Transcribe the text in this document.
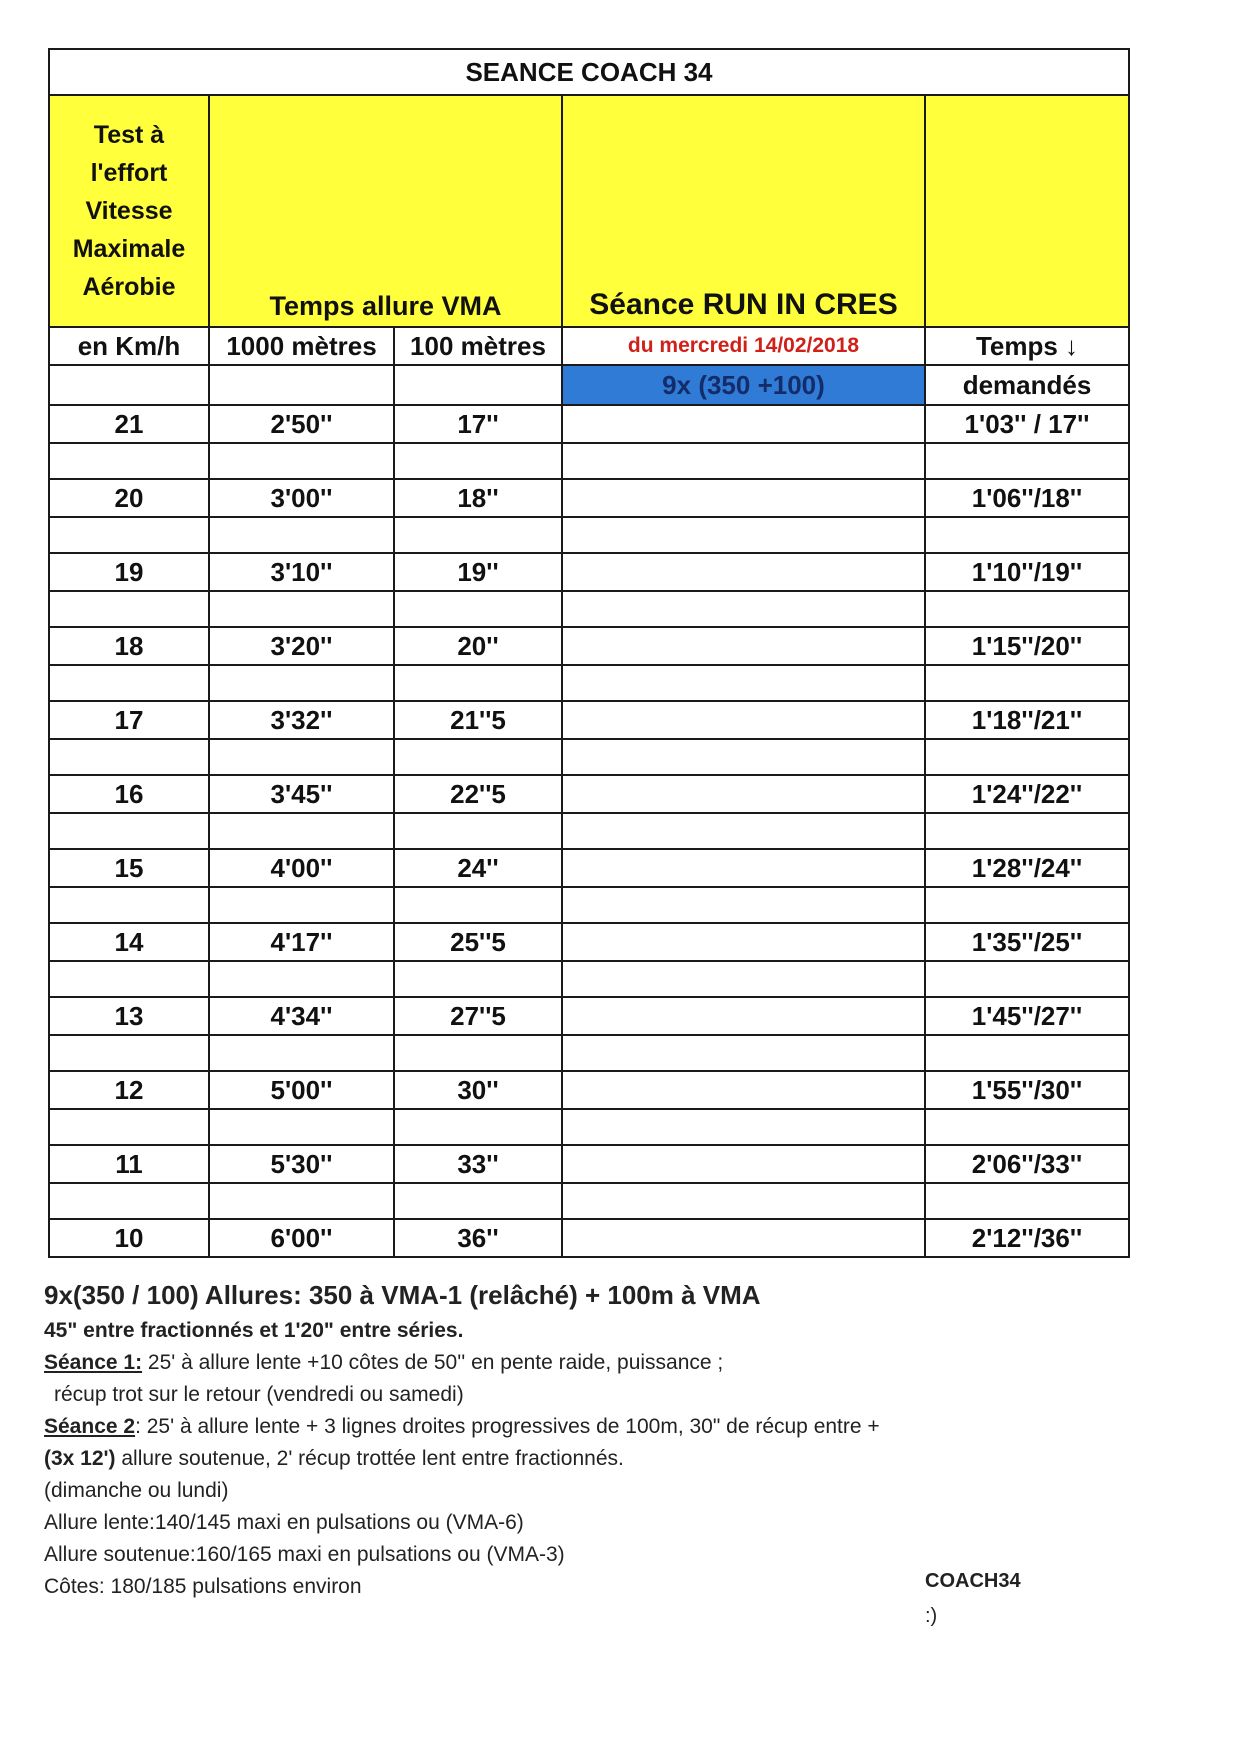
SEANCE COACH 34				

Test à
l'effort
Vitesse
Maximale
Aérobie	Temps allure VMA		Séance RUN IN CRES	
en Km/h	1000 mètres	100 mètres	du mercredi 14/02/2018	Temps ↓
			9x (350 +100)	demandés
21	2'50''	17''		1'03'' / 17''

20	3'00''	18''		1'06''/18''

19	3'10''	19''		1'10''/19''

18	3'20''	20''		1'15''/20''

17	3'32''	21''5		1'18''/21''

16	3'45''	22''5		1'24''/22''

15	4'00''	24''		1'28''/24''

14	4'17''	25''5		1'35''/25''

13	4'34''	27''5		1'45''/27''

12	5'00''	30''		1'55''/30''

11	5'30''	33''		2'06''/33''

10	6'00''	36''		2'12''/36''
9x(350 / 100) Allures: 350 à VMA-1 (relâché) + 100m à VMA
45" entre fractionnés et 1'20" entre séries.
Séance 1: 25' à allure lente +10 côtes de 50'' en pente raide, puissance ;
récup trot sur le retour (vendredi ou samedi)
Séance 2: 25' à allure lente + 3 lignes droites progressives de 100m, 30" de récup entre +
(3x 12') allure soutenue, 2' récup trottée lent entre fractionnés.
(dimanche ou lundi)
Allure lente:140/145 maxi en pulsations ou (VMA-6)
Allure soutenue:160/165 maxi en pulsations ou (VMA-3)
Côtes: 180/185 pulsations environ	COACH34
:)
